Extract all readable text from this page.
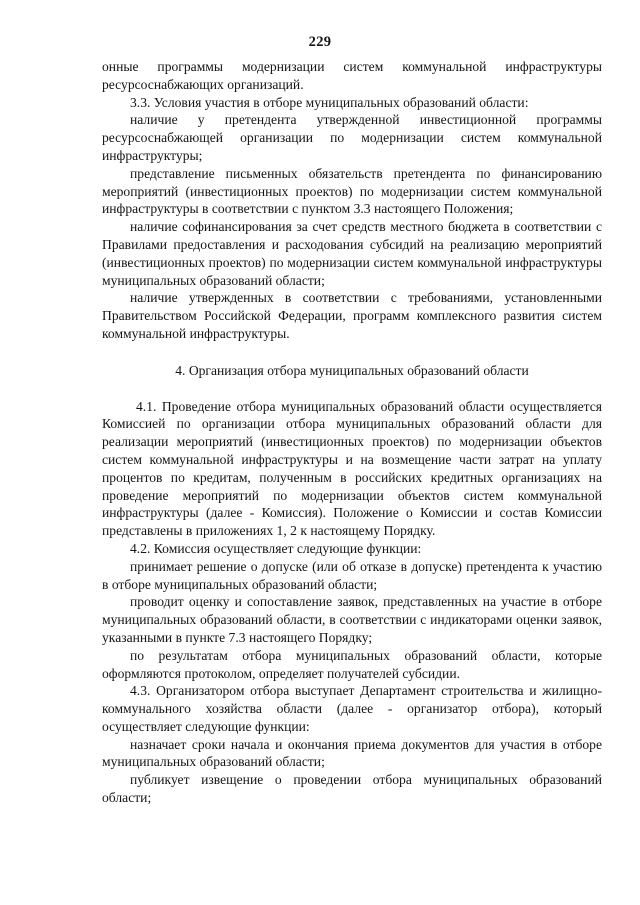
229

онные программы модернизации систем коммунальной инфраструктуры ресурсоснабжающих организаций.

3.3. Условия участия в отборе муниципальных образований области:

наличие у претендента утвержденной инвестиционной программы ресурсоснабжающей организации по модернизации систем коммунальной инфраструктуры;

представление письменных обязательств претендента по финансированию мероприятий (инвестиционных проектов) по модернизации систем коммунальной инфраструктуры в соответствии с пунктом 3.3 настоящего Положения;

наличие софинансирования за счет средств местного бюджета в соответствии с Правилами предоставления и расходования субсидий на реализацию мероприятий (инвестиционных проектов) по модернизации систем коммунальной инфраструктуры муниципальных образований области;

наличие утвержденных в соответствии с требованиями, установленными Правительством Российской Федерации, программ комплексного развития систем коммунальной инфраструктуры.

4. Организация отбора муниципальных образований области

4.1. Проведение отбора муниципальных образований области осуществляется Комиссией по организации отбора муниципальных образований области для реализации мероприятий (инвестиционных проектов) по модернизации объектов систем коммунальной инфраструктуры и на возмещение части затрат на уплату процентов по кредитам, полученным в российских кредитных организациях на проведение мероприятий по модернизации объектов систем коммунальной инфраструктуры (далее - Комиссия). Положение о Комиссии и состав Комиссии представлены в приложениях 1, 2 к настоящему Порядку.

4.2. Комиссия осуществляет следующие функции:

принимает решение о допуске (или об отказе в допуске) претендента к участию в отборе муниципальных образований области;

проводит оценку и сопоставление заявок, представленных на участие в отборе муниципальных образований области, в соответствии с индикаторами оценки заявок, указанными в пункте 7.3 настоящего Порядку;

по результатам отбора муниципальных образований области, которые оформляются протоколом, определяет получателей субсидии.

4.3. Организатором отбора выступает Департамент строительства и жилищно-коммунального хозяйства области (далее - организатор отбора), который осуществляет следующие функции:

назначает сроки начала и окончания приема документов для участия в отборе муниципальных образований области;

публикует извещение о проведении отбора муниципальных образований области;
